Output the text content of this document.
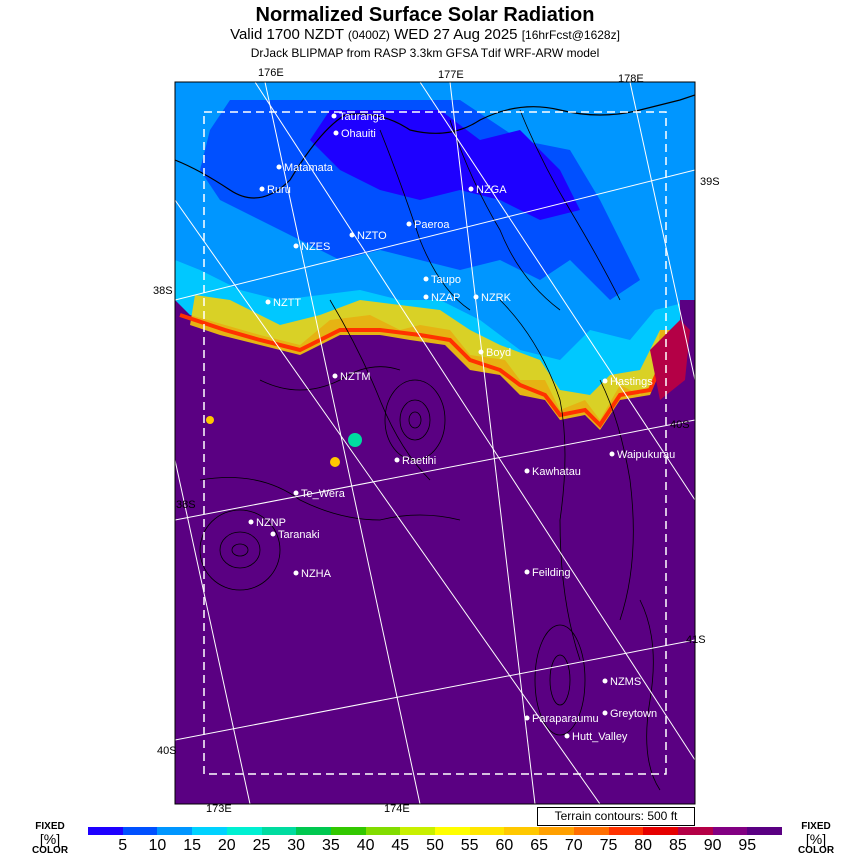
Normalized Surface Solar Radiation
Valid 1700 NZDT (0400Z) WED 27 Aug 2025 [16hrFcst@1628z]
DrJack BLIPMAP from RASP 3.3km GFSA Tdif WRF-ARW model
176E	177E	178E
173E	174E
38S
40S
39S
40S
41S
38S
Tauranga
Ohauiti
Matamata
Ruru	NZGA
Paeroa
NZES
NZTO
Taupo
NZTT	NZAP NZRK
Boyd
NZTM	Hastings
Raetihi	Waipukurau
Kawhatau
Te_Wera
NZNP
Taranaki
NZHA	Feilding
NZMS
Greytown
Paraparaumu
Hutt_Valley
Terrain contours: 500 ft
FIXED
[%]
COLOR
FIXED
[%]
COLOR
5	10	15	20	25	30	35	40	45	50	55	60	65	70	75	80	85	90	95
